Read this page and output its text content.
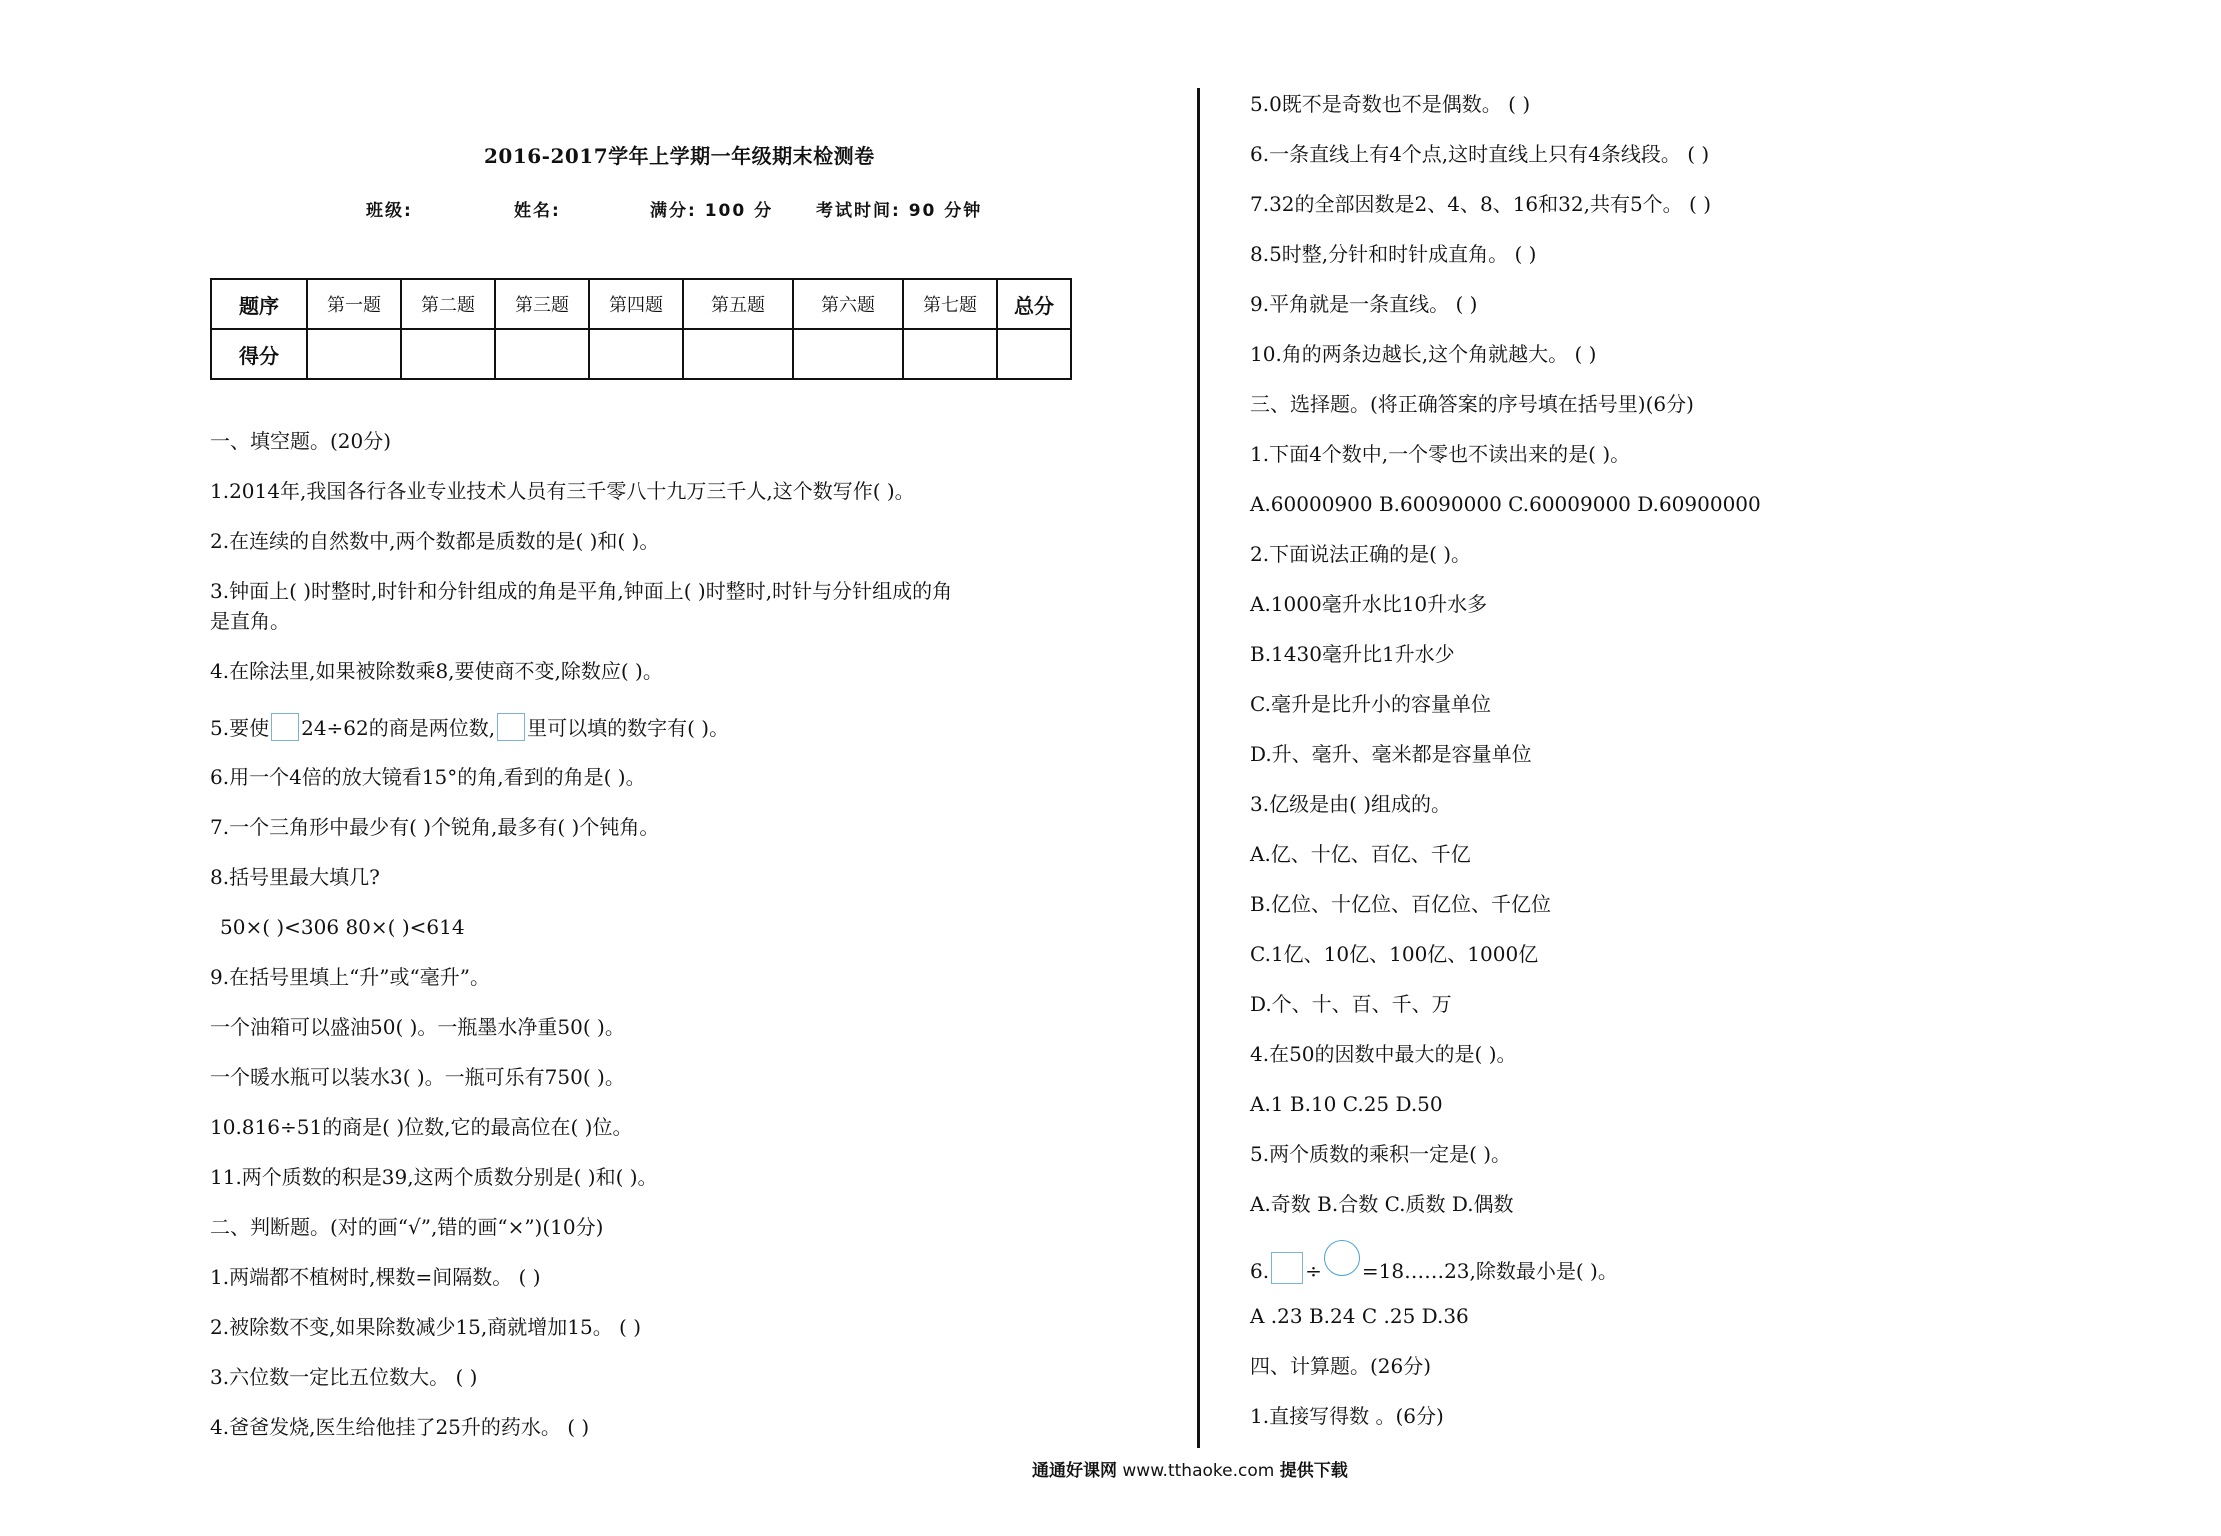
2016-2017学年上学期一年级期末检测卷
班级:	姓名:	满分: 100 分	考试时间: 90 分钟
题序	第一题	第二题	第三题	第四题	第五题	第六题	第七题	总分
得分								
一、填空题。(20分)
1.2014年,我国各行各业专业技术人员有三千零八十九万三千人,这个数写作( )。
2.在连续的自然数中,两个数都是质数的是( )和( )。
3.钟面上( )时整时,时针和分针组成的角是平角,钟面上( )时整时,时针与分针组成的角
是直角。
4.在除法里,如果被除数乘8,要使商不变,除数应( )。
5.要使 24÷62的商是两位数, 里可以填的数字有( )。
6.用一个4倍的放大镜看15°的角,看到的角是( )。
7.一个三角形中最少有( )个锐角,最多有( )个钝角。
8.括号里最大填几?
50×( )<306 80×( )<614
9.在括号里填上“升”或“毫升”。
一个油箱可以盛油50( )。一瓶墨水净重50( )。
一个暖水瓶可以装水3( )。一瓶可乐有750( )。
10.816÷51的商是( )位数,它的最高位在( )位。
11.两个质数的积是39,这两个质数分别是( )和( )。
二、判断题。(对的画“√”,错的画“×”)(10分)
1.两端都不植树时,棵数=间隔数。 ( )
2.被除数不变,如果除数减少15,商就增加15。 ( )
3.六位数一定比五位数大。 ( )
4.爸爸发烧,医生给他挂了25升的药水。 ( )
5.0既不是奇数也不是偶数。 ( )
6.一条直线上有4个点,这时直线上只有4条线段。 ( )
7.32的全部因数是2、4、8、16和32,共有5个。 ( )
8.5时整,分针和时针成直角。 ( )
9.平角就是一条直线。 ( )
10.角的两条边越长,这个角就越大。 ( )
三、选择题。(将正确答案的序号填在括号里)(6分)
1.下面4个数中,一个零也不读出来的是( )。
A.60000900 B.60090000 C.60009000 D.60900000
2.下面说法正确的是( )。
A.1000毫升水比10升水多
B.1430毫升比1升水少
C.毫升是比升小的容量单位
D.升、毫升、毫米都是容量单位
3.亿级是由( )组成的。
A.亿、十亿、百亿、千亿
B.亿位、十亿位、百亿位、千亿位
C.1亿、10亿、100亿、1000亿
D.个、十、百、千、万
4.在50的因数中最大的是( )。
A.1 B.10 C.25 D.50
5.两个质数的乘积一定是( )。
A.奇数 B.合数 C.质数 D.偶数
6. ÷ =18……23,除数最小是( )。
A .23 B.24 C .25 D.36
四、计算题。(26分)
1.直接写得数 。(6分)
通通好课网 www.tthaoke.com 提供下载
